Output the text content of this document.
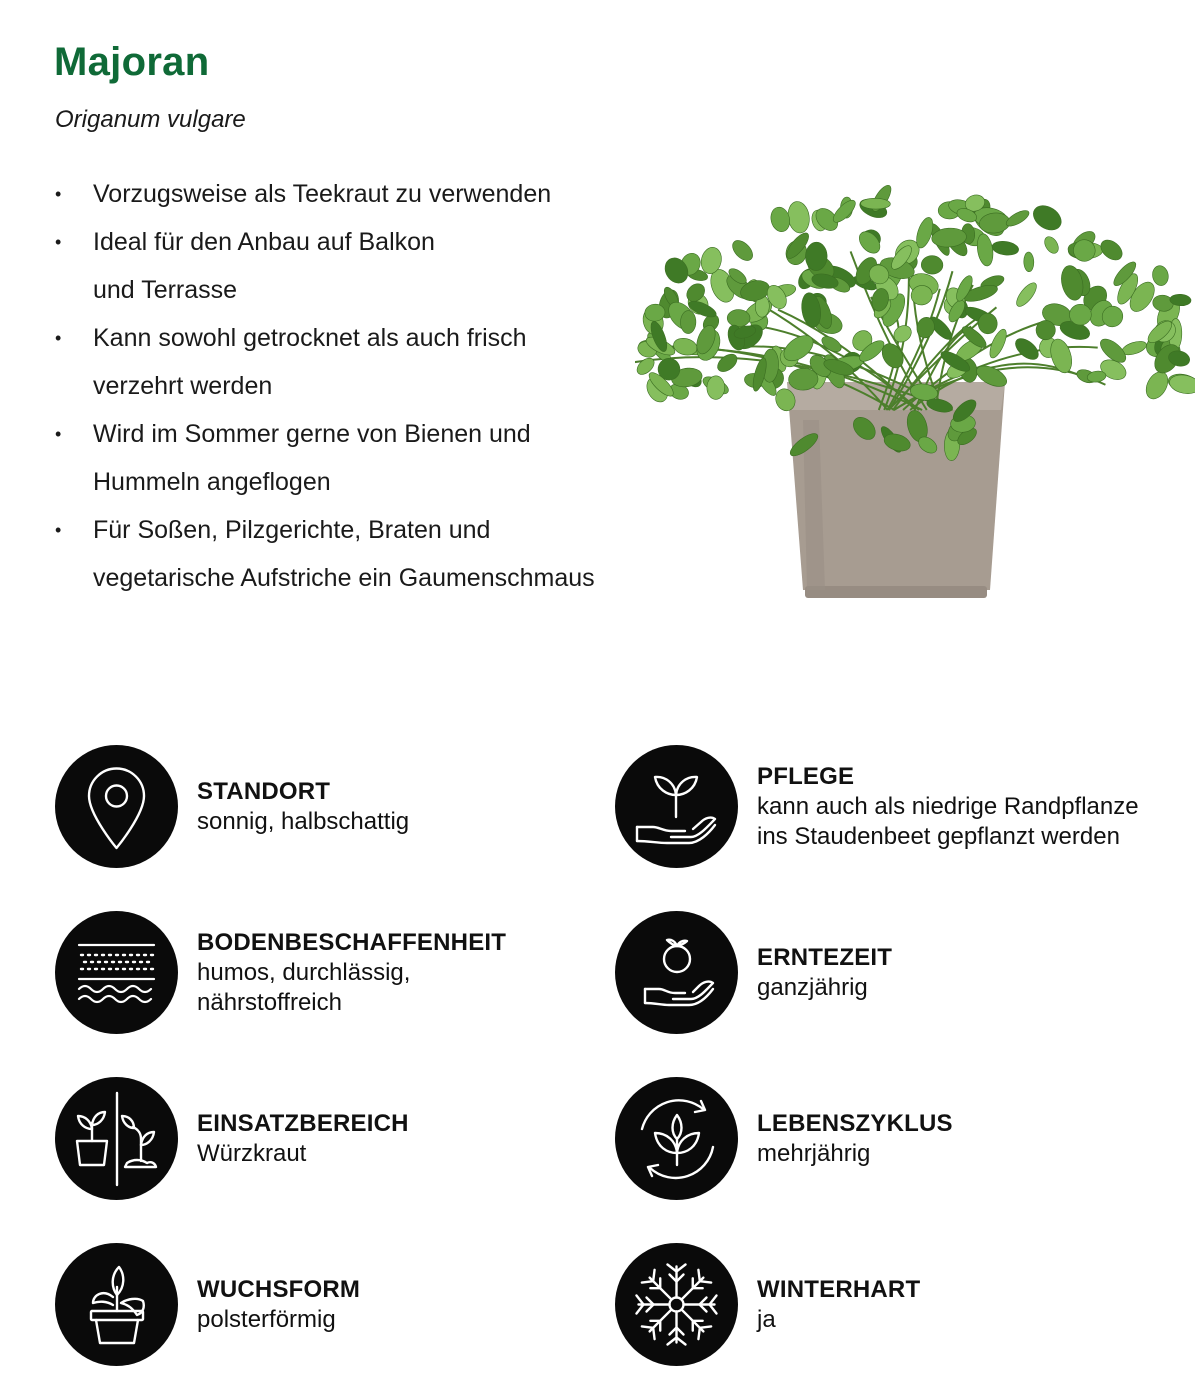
Majoran

Origanum vulgare

• Vorzugsweise als Teekraut zu verwenden
• Ideal für den Anbau auf Balkon
und Terrasse
• Kann sowohl getrocknet als auch frisch
verzehrt werden
• Wird im Sommer gerne von Bienen und
Hummeln angeflogen
• Für Soßen, Pilzgerichte, Braten und
vegetarische Aufstriche ein Gaumenschmaus
STANDORT
sonnig, halbschattig
PFLEGE
kann auch als niedrige Randpflanze
ins Staudenbeet gepflanzt werden
BODENBESCHAFFENHEIT
humos, durchlässig,
nährstoffreich
ERNTEZEIT
ganzjährig
EINSATZBEREICH
Würzkraut
LEBENSZYKLUS
mehrjährig
WUCHSFORM
polsterförmig
WINTERHART
ja
